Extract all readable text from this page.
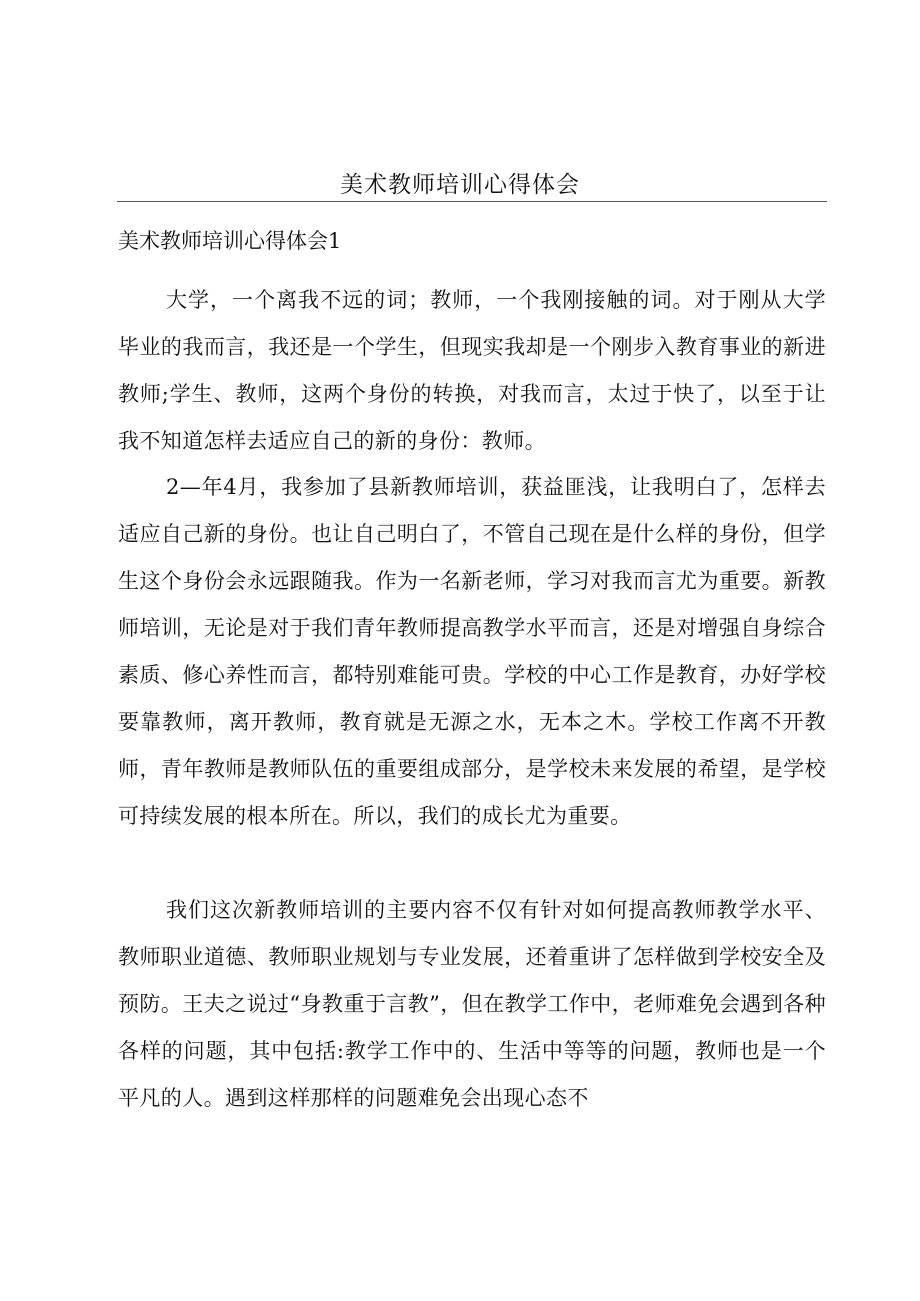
美术教师培训心得体会
美术教师培训心得体会1

大学，一个离我不远的词；教师，一个我刚接触的词。对于刚从大学毕业的我而言，我还是一个学生，但现实我却是一个刚步入教育事业的新进教师;学生、教师，这两个身份的转换，对我而言，太过于快了，以至于让我不知道怎样去适应自己的新的身份：教师。

2—年4月，我参加了县新教师培训，获益匪浅，让我明白了，怎样去适应自己新的身份。也让自己明白了，不管自己现在是什么样的身份，但学生这个身份会永远跟随我。作为一名新老师，学习对我而言尤为重要。新教师培训，无论是对于我们青年教师提高教学水平而言，还是对增强自身综合素质、修心养性而言，都特别难能可贵。学校的中心工作是教育，办好学校要靠教师，离开教师，教育就是无源之水，无本之木。学校工作离不开教师，青年教师是教师队伍的重要组成部分，是学校未来发展的希望，是学校可持续发展的根本所在。所以，我们的成长尤为重要。

我们这次新教师培训的主要内容不仅有针对如何提高教师教学水平、教师职业道德、教师职业规划与专业发展，还着重讲了怎样做到学校安全及预防。王夫之说过“身教重于言教”，但在教学工作中，老师难免会遇到各种各样的问题，其中包括:教学工作中的、生活中等等的问题，教师也是一个平凡的人。遇到这样那样的问题难免会出现心态不
